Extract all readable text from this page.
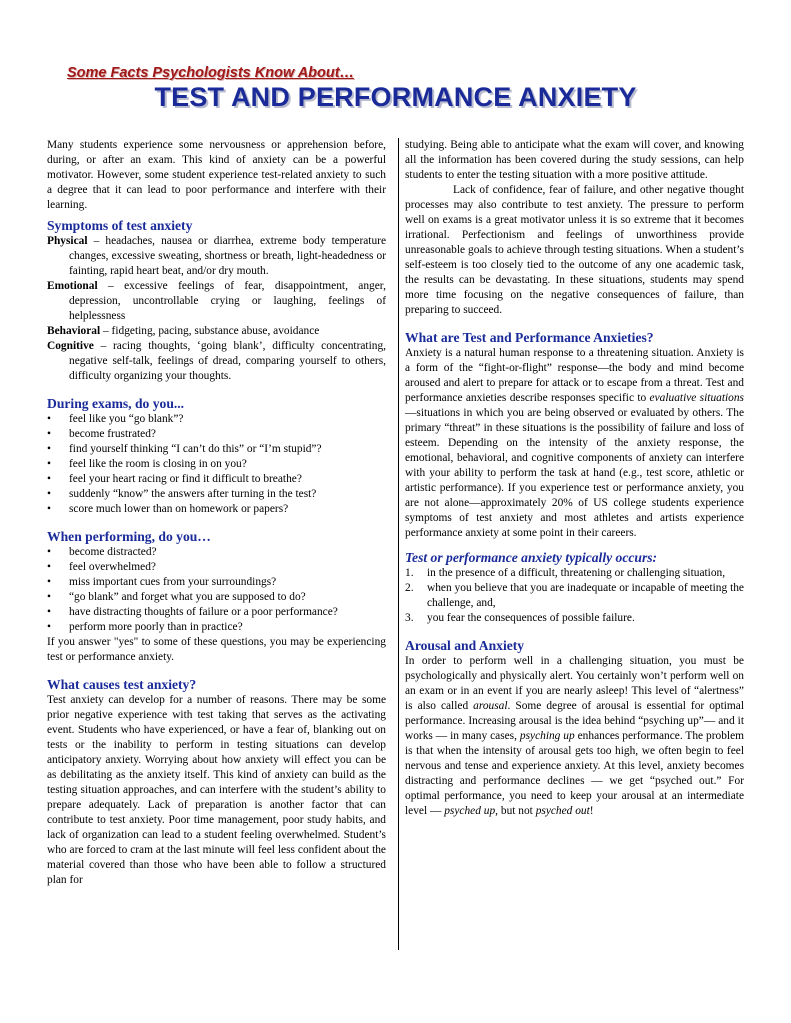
Some Facts Psychologists Know About…
TEST AND PERFORMANCE ANXIETY

Many students experience some nervousness or apprehension before, during, or after an exam. This kind of anxiety can be a powerful motivator. However, some student experience test-related anxiety to such a degree that it can lead to poor performance and interfere with their learning.

Symptoms of test anxiety

Physical – headaches, nausea or diarrhea, extreme body temperature changes, excessive sweating, shortness or breath, light-headedness or fainting, rapid heart beat, and/or dry mouth.

Emotional – excessive feelings of fear, disappointment, anger, depression, uncontrollable crying or laughing, feelings of helplessness

Behavioral – fidgeting, pacing, substance abuse, avoidance

Cognitive – racing thoughts, ‘going blank’, difficulty concentrating, negative self-talk, feelings of dread, comparing yourself to others, difficulty organizing your thoughts.

During exams, do you...
• feel like you “go blank”?
• become frustrated?
• find yourself thinking “I can’t do this” or “I’m stupid”?
• feel like the room is closing in on you?
• feel your heart racing or find it difficult to breathe?
• suddenly “know” the answers after turning in the test?
• score much lower than on homework or papers?
When performing, do you…
• become distracted?
• feel overwhelmed?
• miss important cues from your surroundings?
• “go blank” and forget what you are supposed to do?
• have distracting thoughts of failure or a poor performance?
• perform more poorly than in practice?

If you answer "yes" to some of these questions, you may be experiencing test or performance anxiety.

What causes test anxiety?

Test anxiety can develop for a number of reasons. There may be some prior negative experience with test taking that serves as the activating event. Students who have experienced, or have a fear of, blanking out on tests or the inability to perform in testing situations can develop anticipatory anxiety. Worrying about how anxiety will effect you can be as debilitating as the anxiety itself. This kind of anxiety can build as the testing situation approaches, and can interfere with the student’s ability to prepare adequately. Lack of preparation is another factor that can contribute to test anxiety. Poor time management, poor study habits, and lack of organization can lead to a student feeling overwhelmed. Student’s who are forced to cram at the last minute will feel less confident about the material covered than those who have been able to follow a structured plan for

studying. Being able to anticipate what the exam will cover, and knowing all the information has been covered during the study sessions, can help students to enter the testing situation with a more positive attitude.

Lack of confidence, fear of failure, and other negative thought processes may also contribute to test anxiety. The pressure to perform well on exams is a great motivator unless it is so extreme that it becomes irrational. Perfectionism and feelings of unworthiness provide unreasonable goals to achieve through testing situations. When a student’s self-esteem is too closely tied to the outcome of any one academic task, the results can be devastating. In these situations, students may spend more time focusing on the negative consequences of failure, than preparing to succeed.

What are Test and Performance Anxieties?

Anxiety is a natural human response to a threatening situation. Anxiety is a form of the “fight-or-flight” response—the body and mind become aroused and alert to prepare for attack or to escape from a threat. Test and performance anxieties describe responses specific to evaluative situations—situations in which you are being observed or evaluated by others. The primary “threat” in these situations is the possibility of failure and loss of esteem. Depending on the intensity of the anxiety response, the emotional, behavioral, and cognitive components of anxiety can interfere with your ability to perform the task at hand (e.g., test score, athletic or artistic performance). If you experience test or performance anxiety, you are not alone—approximately 20% of US college students experience symptoms of test anxiety and most athletes and artists experience performance anxiety at some point in their careers.

Test or performance anxiety typically occurs:
1. in the presence of a difficult, threatening or challenging situation,
2. when you believe that you are inadequate or incapable of meeting the challenge, and,
3. you fear the consequences of possible failure.
Arousal and Anxiety

In order to perform well in a challenging situation, you must be psychologically and physically alert. You certainly won’t perform well on an exam or in an event if you are nearly asleep! This level of “alertness” is also called arousal. Some degree of arousal is essential for optimal performance. Increasing arousal is the idea behind “psyching up”— and it works — in many cases, psyching up enhances performance. The problem is that when the intensity of arousal gets too high, we often begin to feel nervous and tense and experience anxiety. At this level, anxiety becomes distracting and performance declines — we get “psyched out.” For optimal performance, you need to keep your arousal at an intermediate level — psyched up, but not psyched out!
